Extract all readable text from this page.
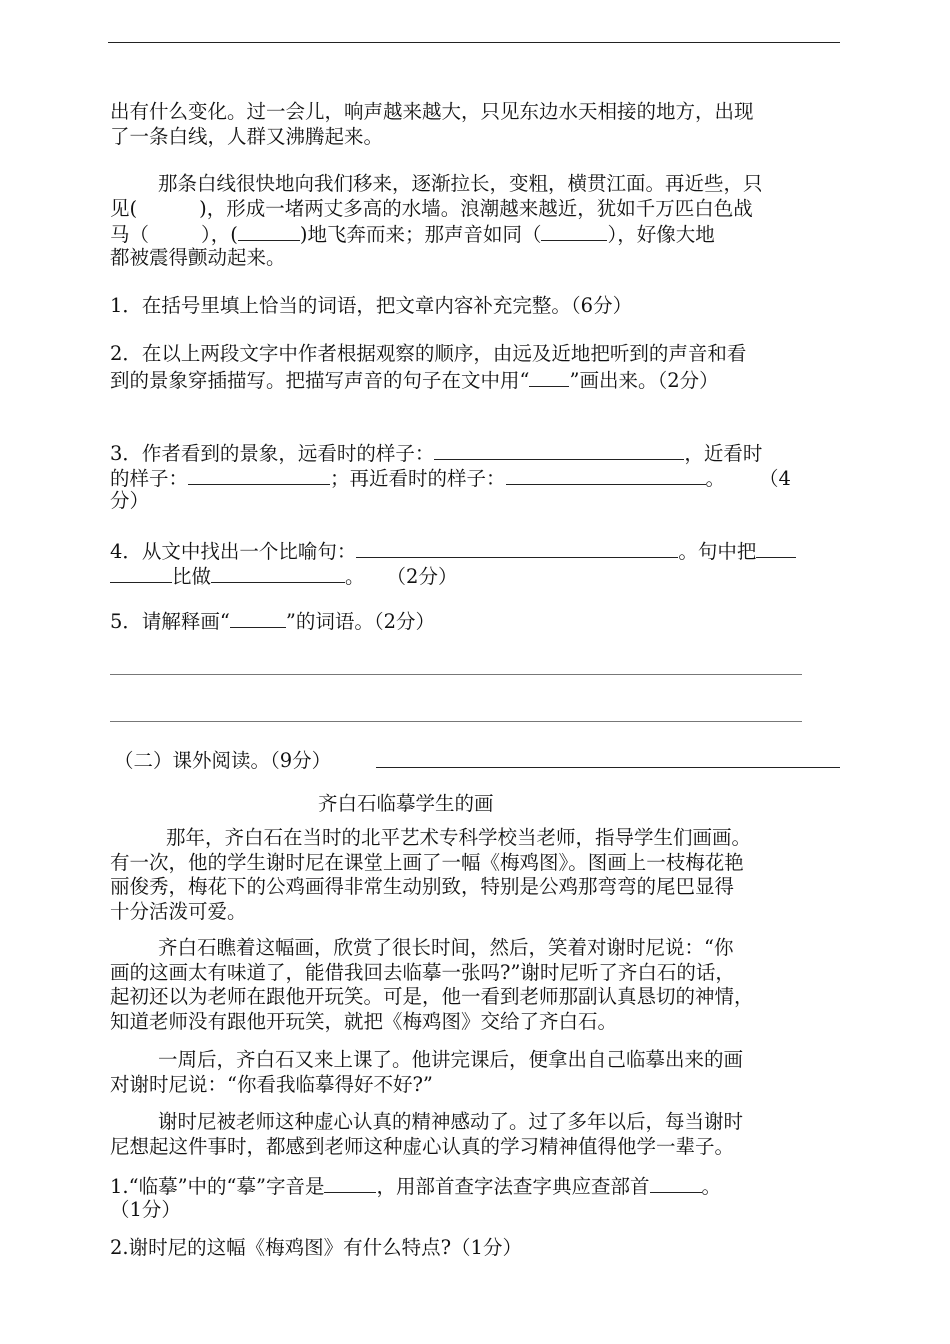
出有什么变化。过一会儿，响声越来越大，只见东边水天相接的地方，出现
了一条白线，人群又沸腾起来。
那条白线很快地向我们移来，逐渐拉长，变粗，横贯江面。再近些，只
见(	)，形成一堵两丈多高的水墙。浪潮越来越近，犹如千万匹白色战
马（	），(	)地飞奔而来；那声音如同（	），好像大地
都被震得颤动起来。
1．在括号里填上恰当的词语，把文章内容补充完整。（6分）
2．在以上两段文字中作者根据观察的顺序，由远及近地把听到的声音和看
到的景象穿插描写。把描写声音的句子在文中用“ ”画出来。（2分）
3．作者看到的景象，远看时的样子：	，近看时
的样子：	；再近看时的样子：	。 （4
分）
4．从文中找出一个比喻句：	。句中把
比做	。 （2分）
5．请解释画“	”的词语。（2分）
（二）课外阅读。（9分）
齐白石临摹学生的画
那年，齐白石在当时的北平艺术专科学校当老师，指导学生们画画。
有一次，他的学生谢时尼在课堂上画了一幅《梅鸡图》。图画上一枝梅花艳
丽俊秀，梅花下的公鸡画得非常生动别致，特别是公鸡那弯弯的尾巴显得
十分活泼可爱。
齐白石瞧着这幅画，欣赏了很长时间，然后，笑着对谢时尼说：“你
画的这画太有味道了，能借我回去临摹一张吗?”谢时尼听了齐白石的话，
起初还以为老师在跟他开玩笑。可是，他一看到老师那副认真恳切的神情，
知道老师没有跟他开玩笑，就把《梅鸡图》交给了齐白石。
一周后，齐白石又来上课了。他讲完课后，便拿出自己临摹出来的画
对谢时尼说：“你看我临摹得好不好?”
谢时尼被老师这种虚心认真的精神感动了。过了多年以后，每当谢时
尼想起这件事时，都感到老师这种虚心认真的学习精神值得他学一辈子。
1.“临摹”中的“摹”字音是	，用部首查字法查字典应查部首	。
（1分）
2.谢时尼的这幅《梅鸡图》有什么特点?（1分）
